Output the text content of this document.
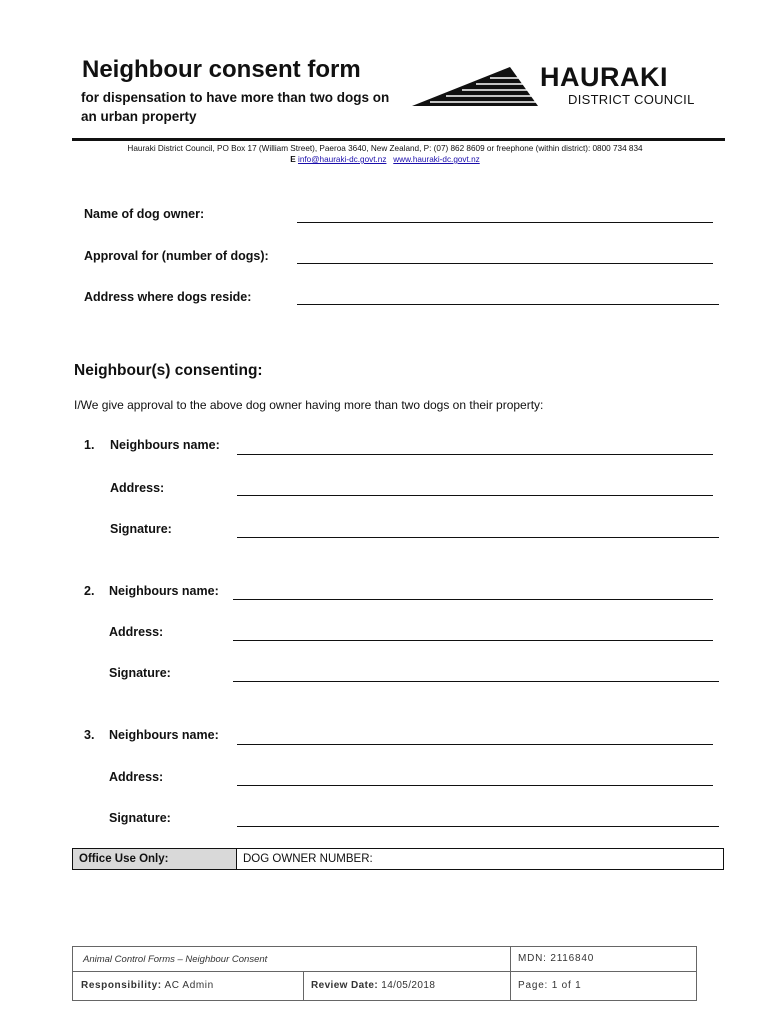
Neighbour consent form
for dispensation to have more than two dogs on an urban property
HAURAKI
DISTRICT COUNCIL
Hauraki District Council, PO Box 17 (William Street), Paeroa 3640, New Zealand, P: (07) 862 8609 or freephone (within district): 0800 734 834
E info@hauraki-dc.govt.nz www.hauraki-dc.govt.nz
Name of dog owner:
Approval for (number of dogs):
Address where dogs reside:
Neighbour(s) consenting:
I/We give approval to the above dog owner having more than two dogs on their property:
1. Neighbours name:
Address:
Signature:
2. Neighbours name:
Address:
Signature:
3. Neighbours name:
Address:
Signature:
Office Use Only:	DOG OWNER NUMBER:
Animal Control Forms – Neighbour Consent	MDN: 2116840
Responsibility: AC Admin	Review Date: 14/05/2018	Page: 1 of 1
